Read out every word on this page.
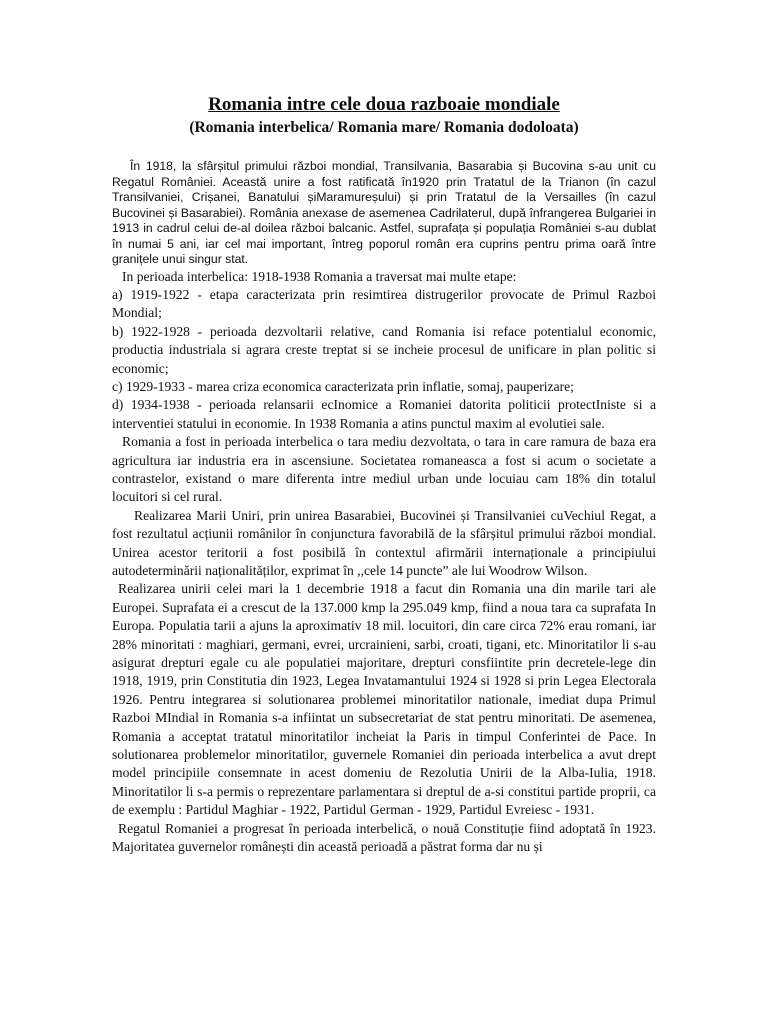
Romania intre cele doua razboaie mondiale
(Romania interbelica/ Romania mare/ Romania dodoloata)

În 1918, la sfârșitul primului război mondial, Transilvania, Basarabia și Bucovina s-au unit cu Regatul României. Această unire a fost ratificată în1920 prin Tratatul de la Trianon (în cazul Transilvaniei, Crișanei, Banatului șiMaramureșului) și prin Tratatul de la Versailles (în cazul Bucovinei și Basarabiei). România anexase de asemenea Cadrilaterul, după înfrangerea Bulgariei in 1913 in cadrul celui de-al doilea război balcanic. Astfel, suprafața și populația României s-au dublat în numai 5 ani, iar cel mai important, întreg poporul român era cuprins pentru prima oară între granițele unui singur stat.

In perioada interbelica: 1918-1938 Romania a traversat mai multe etape:

a) 1919-1922 - etapa caracterizata prin resimtirea distrugerilor provocate de Primul Razboi Mondial;

b) 1922-1928 - perioada dezvoltarii relative, cand Romania isi reface potentialul economic, productia industriala si agrara creste treptat si se incheie procesul de unificare in plan politic si economic;

c) 1929-1933 - marea criza economica caracterizata prin inflatie, somaj, pauperizare;

d) 1934-1938 - perioada relansarii ecInomice a Romaniei datorita politicii protectIniste si a interventiei statului in economie. In 1938 Romania a atins punctul maxim al evolutiei sale.

Romania a fost in perioada interbelica o tara mediu dezvoltata, o tara in care ramura de baza era agricultura iar industria era in ascensiune. Societatea romaneasca a fost si acum o societate a contrastelor, existand o mare diferenta intre mediul urban unde locuiau cam 18% din totalul locuitori si cel rural.

Realizarea Marii Uniri, prin unirea Basarabiei, Bucovinei și Transilvaniei cuVechiul Regat, a fost rezultatul acțiunii românilor în conjunctura favorabilă de la sfârșitul primului război mondial. Unirea acestor teritorii a fost posibilă în contextul afirmării internaționale a principiului autodeterminării naționalităților, exprimat în ,,cele 14 puncte” ale lui Woodrow Wilson.

Realizarea unirii celei mari la 1 decembrie 1918 a facut din Romania una din marile tari ale Europei. Suprafata ei a crescut de la 137.000 kmp la 295.049 kmp, fiind a noua tara ca suprafata In Europa. Populatia tarii a ajuns la aproximativ 18 mil. locuitori, din care circa 72% erau romani, iar 28% minoritati : maghiari, germani, evrei, urcrainieni, sarbi, croati, tigani, etc. Minoritatilor li s-au asigurat drepturi egale cu ale populatiei majoritare, drepturi consfiintite prin decretele-lege din 1918, 1919, prin Constitutia din 1923, Legea Invatamantului 1924 si 1928 si prin Legea Electorala 1926. Pentru integrarea si solutionarea problemei minoritatilor nationale, imediat dupa Primul Razboi MIndial in Romania s-a infiintat un subsecretariat de stat pentru minoritati. De asemenea, Romania a acceptat tratatul minoritatilor incheiat la Paris in timpul Conferintei de Pace. In solutionarea problemelor minoritatilor, guvernele Romaniei din perioada interbelica a avut drept model principiile consemnate in acest domeniu de Rezolutia Unirii de la Alba-Iulia, 1918. Minoritatilor li s-a permis o reprezentare parlamentara si dreptul de a-si constitui partide proprii, ca de exemplu : Partidul Maghiar - 1922, Partidul German - 1929, Partidul Evreiesc - 1931.

Regatul Romaniei a progresat în perioada interbelică, o nouă Constituție fiind adoptată în 1923. Majoritatea guvernelor românești din această perioadă a păstrat forma dar nu și
